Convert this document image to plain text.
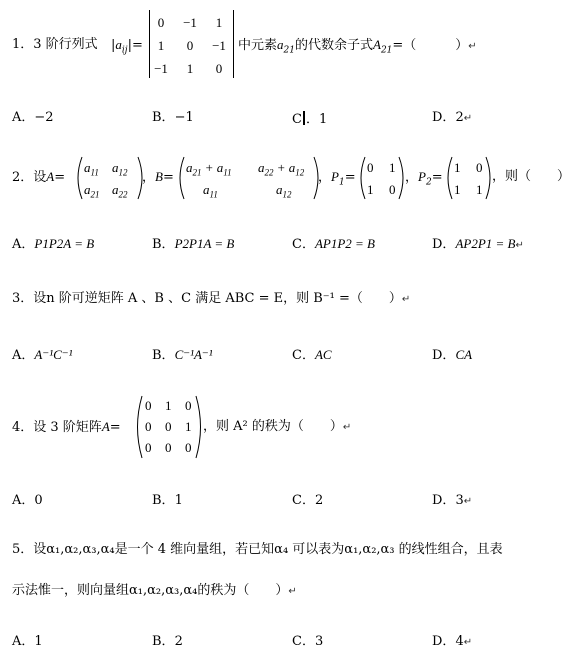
1．3 阶行列式 $|a_{ij}|=$
0	−1	1
1	0	−1
−1	1	0
中元素$a_{21}$的代数余子式$A_{21}=$（　　　）↵
A．−2	B．−1	C ．1	D．2↵
2．设A=
$a_{11}$ $a_{12}$
$a_{21}$ $a_{22}$
，B=
$a_{21} + a_{11}$ $a_{22} + a_{12}$
$a_{11}$	$a_{12}$
，$P_1=$
0 1
1 0
，$P_2=$
1 0
1 1
，则（　　）
A．P1P2A = B	B．P2P1A = B	C．AP1P2 = B	D．AP2P1 = B↵
3．设n 阶可逆矩阵 A 、B 、C 满足 ABC = E，则 B⁻¹ =（　　）↵
A．A⁻¹C⁻¹	B．C⁻¹A⁻¹	C．AC	D．CA
4．设 3 阶矩阵A=
0 1 0
0 0 1
0 0 0
，则 A² 的秩为（　　）↵
A．0	B．1	C．2	D．3↵
5．设α₁,α₂,α₃,α₄是一个 4 维向量组，若已知α₄ 可以表为α₁,α₂,α₃ 的线性组合，且表
示法惟一，则向量组α₁,α₂,α₃,α₄的秩为（　　）↵
A．1	B．2	C．3	D．4↵
